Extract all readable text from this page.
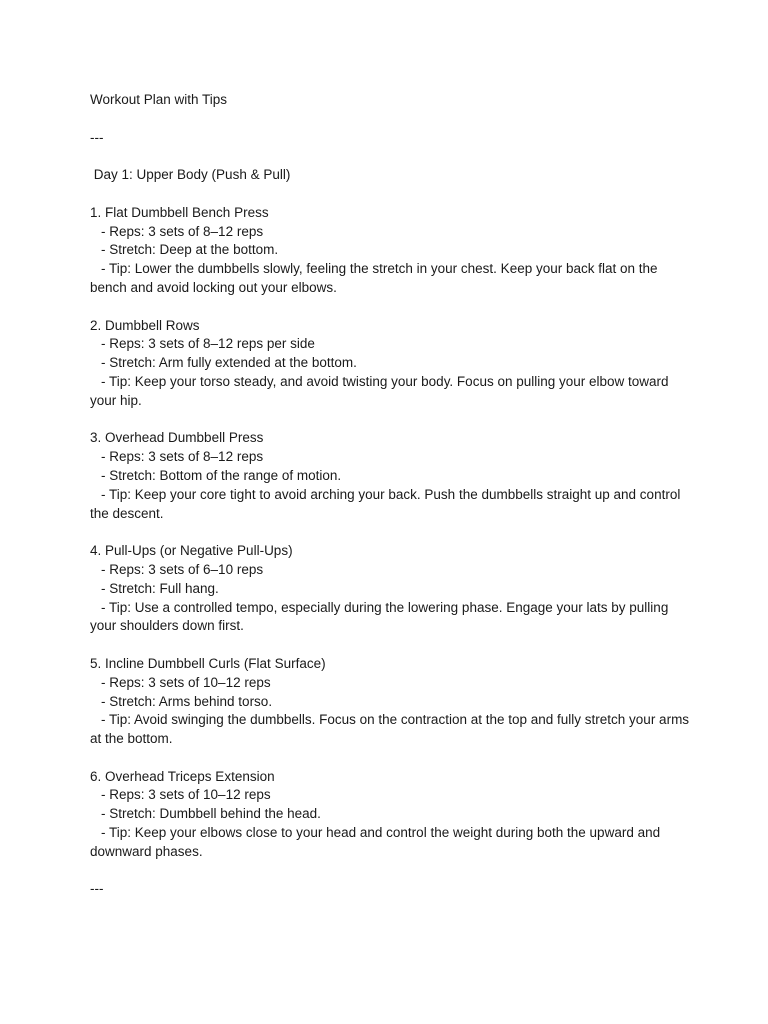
Workout Plan with Tips

---

Day 1: Upper Body (Push & Pull)

1. Flat Dumbbell Bench Press

- Reps: 3 sets of 8–12 reps

- Stretch: Deep at the bottom.

- Tip: Lower the dumbbells slowly, feeling the stretch in your chest. Keep your back flat on the bench and avoid locking out your elbows.

2. Dumbbell Rows

- Reps: 3 sets of 8–12 reps per side

- Stretch: Arm fully extended at the bottom.

- Tip: Keep your torso steady, and avoid twisting your body. Focus on pulling your elbow toward your hip.

3. Overhead Dumbbell Press

- Reps: 3 sets of 8–12 reps

- Stretch: Bottom of the range of motion.

- Tip: Keep your core tight to avoid arching your back. Push the dumbbells straight up and control the descent.

4. Pull-Ups (or Negative Pull-Ups)

- Reps: 3 sets of 6–10 reps

- Stretch: Full hang.

- Tip: Use a controlled tempo, especially during the lowering phase. Engage your lats by pulling your shoulders down first.

5. Incline Dumbbell Curls (Flat Surface)

- Reps: 3 sets of 10–12 reps

- Stretch: Arms behind torso.

- Tip: Avoid swinging the dumbbells. Focus on the contraction at the top and fully stretch your arms at the bottom.

6. Overhead Triceps Extension

- Reps: 3 sets of 10–12 reps

- Stretch: Dumbbell behind the head.

- Tip: Keep your elbows close to your head and control the weight during both the upward and downward phases.

---
